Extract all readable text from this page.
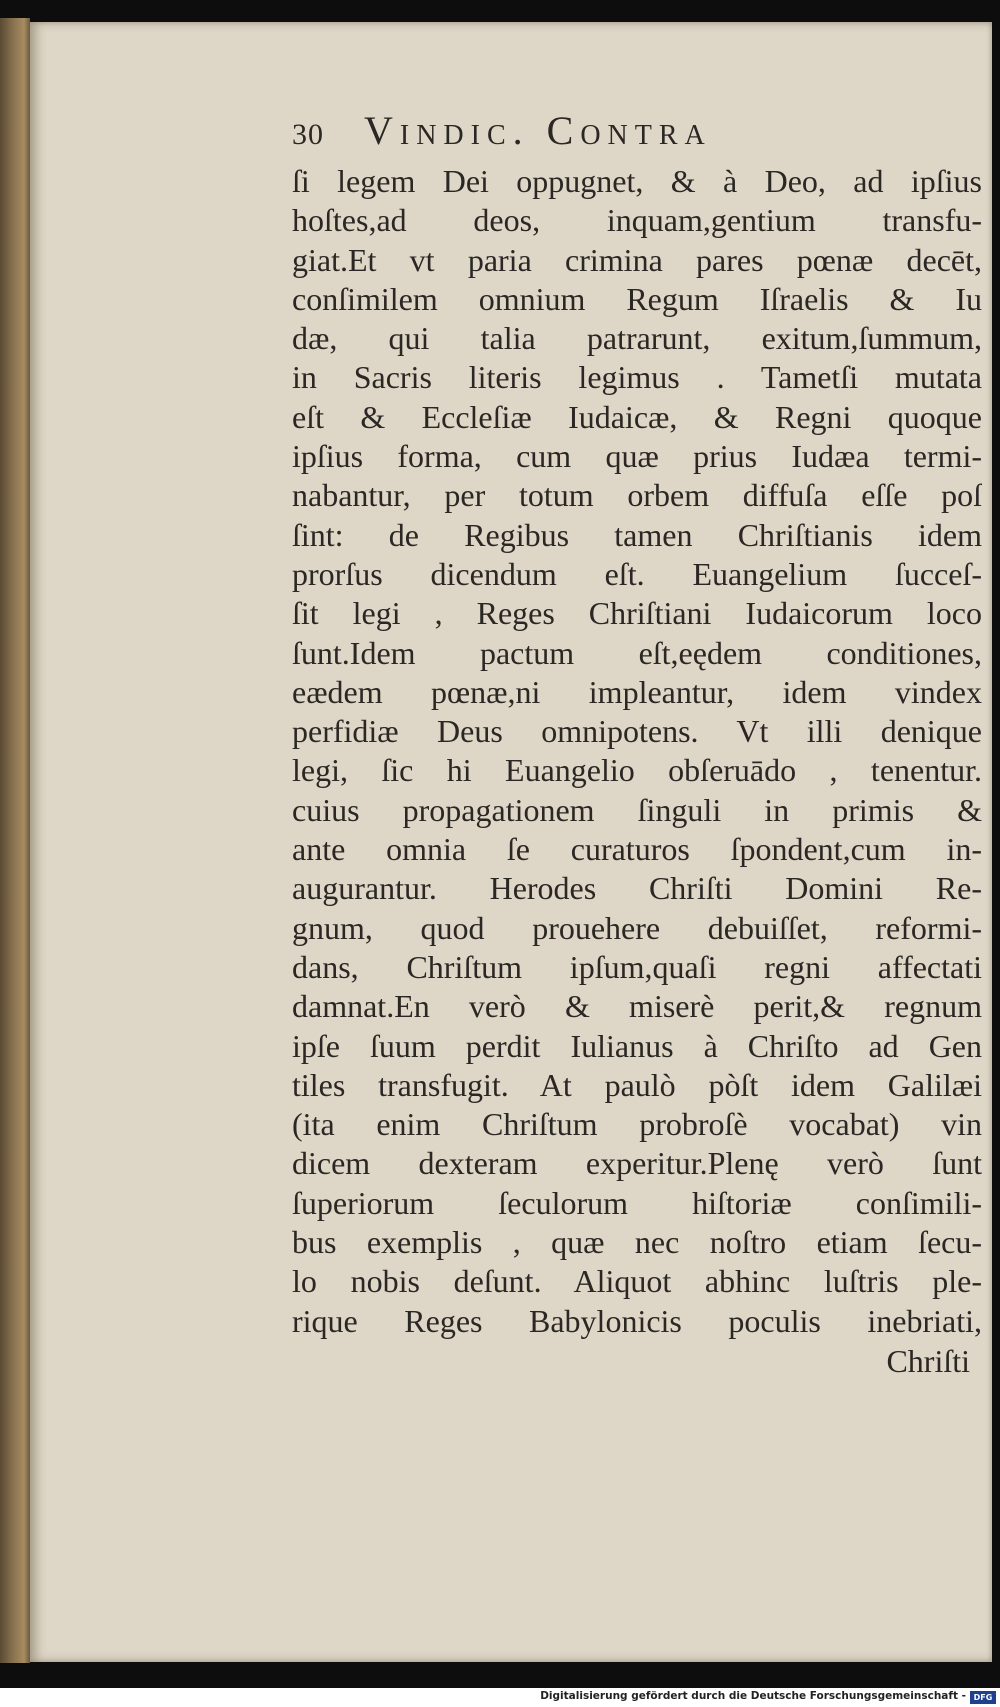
30 Vindic. Contra
ſi legem Dei oppugnet, & à Deo, ad ipſius
hoſtes,ad deos, inquam,gentium transfu-
giat.Et vt paria crimina pares pœnæ decēt,
conſimilem omnium Regum Iſraelis & Iu
dæ, qui talia patrarunt, exitum,ſummum,
in Sacris literis legimus . Tametſi mutata
eſt & Eccleſiæ Iudaicæ, & Regni quoque
ipſius forma, cum quæ prius Iudæa termi-
nabantur, per totum orbem diffuſa eſſe poſ
ſint: de Regibus tamen Chriſtianis idem
prorſus dicendum eſt. Euangelium ſucceſ-
ſit legi , Reges Chriſtiani Iudaicorum loco
ſunt.Idem pactum eſt,eędem conditiones,
eædem pœnæ,ni impleantur, idem vindex
perfidiæ Deus omnipotens. Vt illi denique
legi, ſic hi Euangelio obſeruādo , tenentur.
cuius propagationem ſinguli in primis &
ante omnia ſe curaturos ſpondent,cum in-
augurantur. Herodes Chriſti Domini Re-
gnum, quod prouehere debuiſſet, reformi-
dans, Chriſtum ipſum,quaſi regni affectati
damnat.En verò & miserè perit,& regnum
ipſe ſuum perdit Iulianus à Chriſto ad Gen
tiles transfugit. At paulò pòſt idem Galilæi
(ita enim Chriſtum probroſè vocabat) vin
dicem dexteram experitur.Plenę verò ſunt
ſuperiorum ſeculorum hiſtoriæ conſimili-
bus exemplis , quæ nec noſtro etiam ſecu-
lo nobis deſunt. Aliquot abhinc luſtris ple-
rique Reges Babylonicis poculis inebriati,
Chriſti
Digitalisierung gefördert durch die Deutsche Forschungsgemeinschaft - DFG
